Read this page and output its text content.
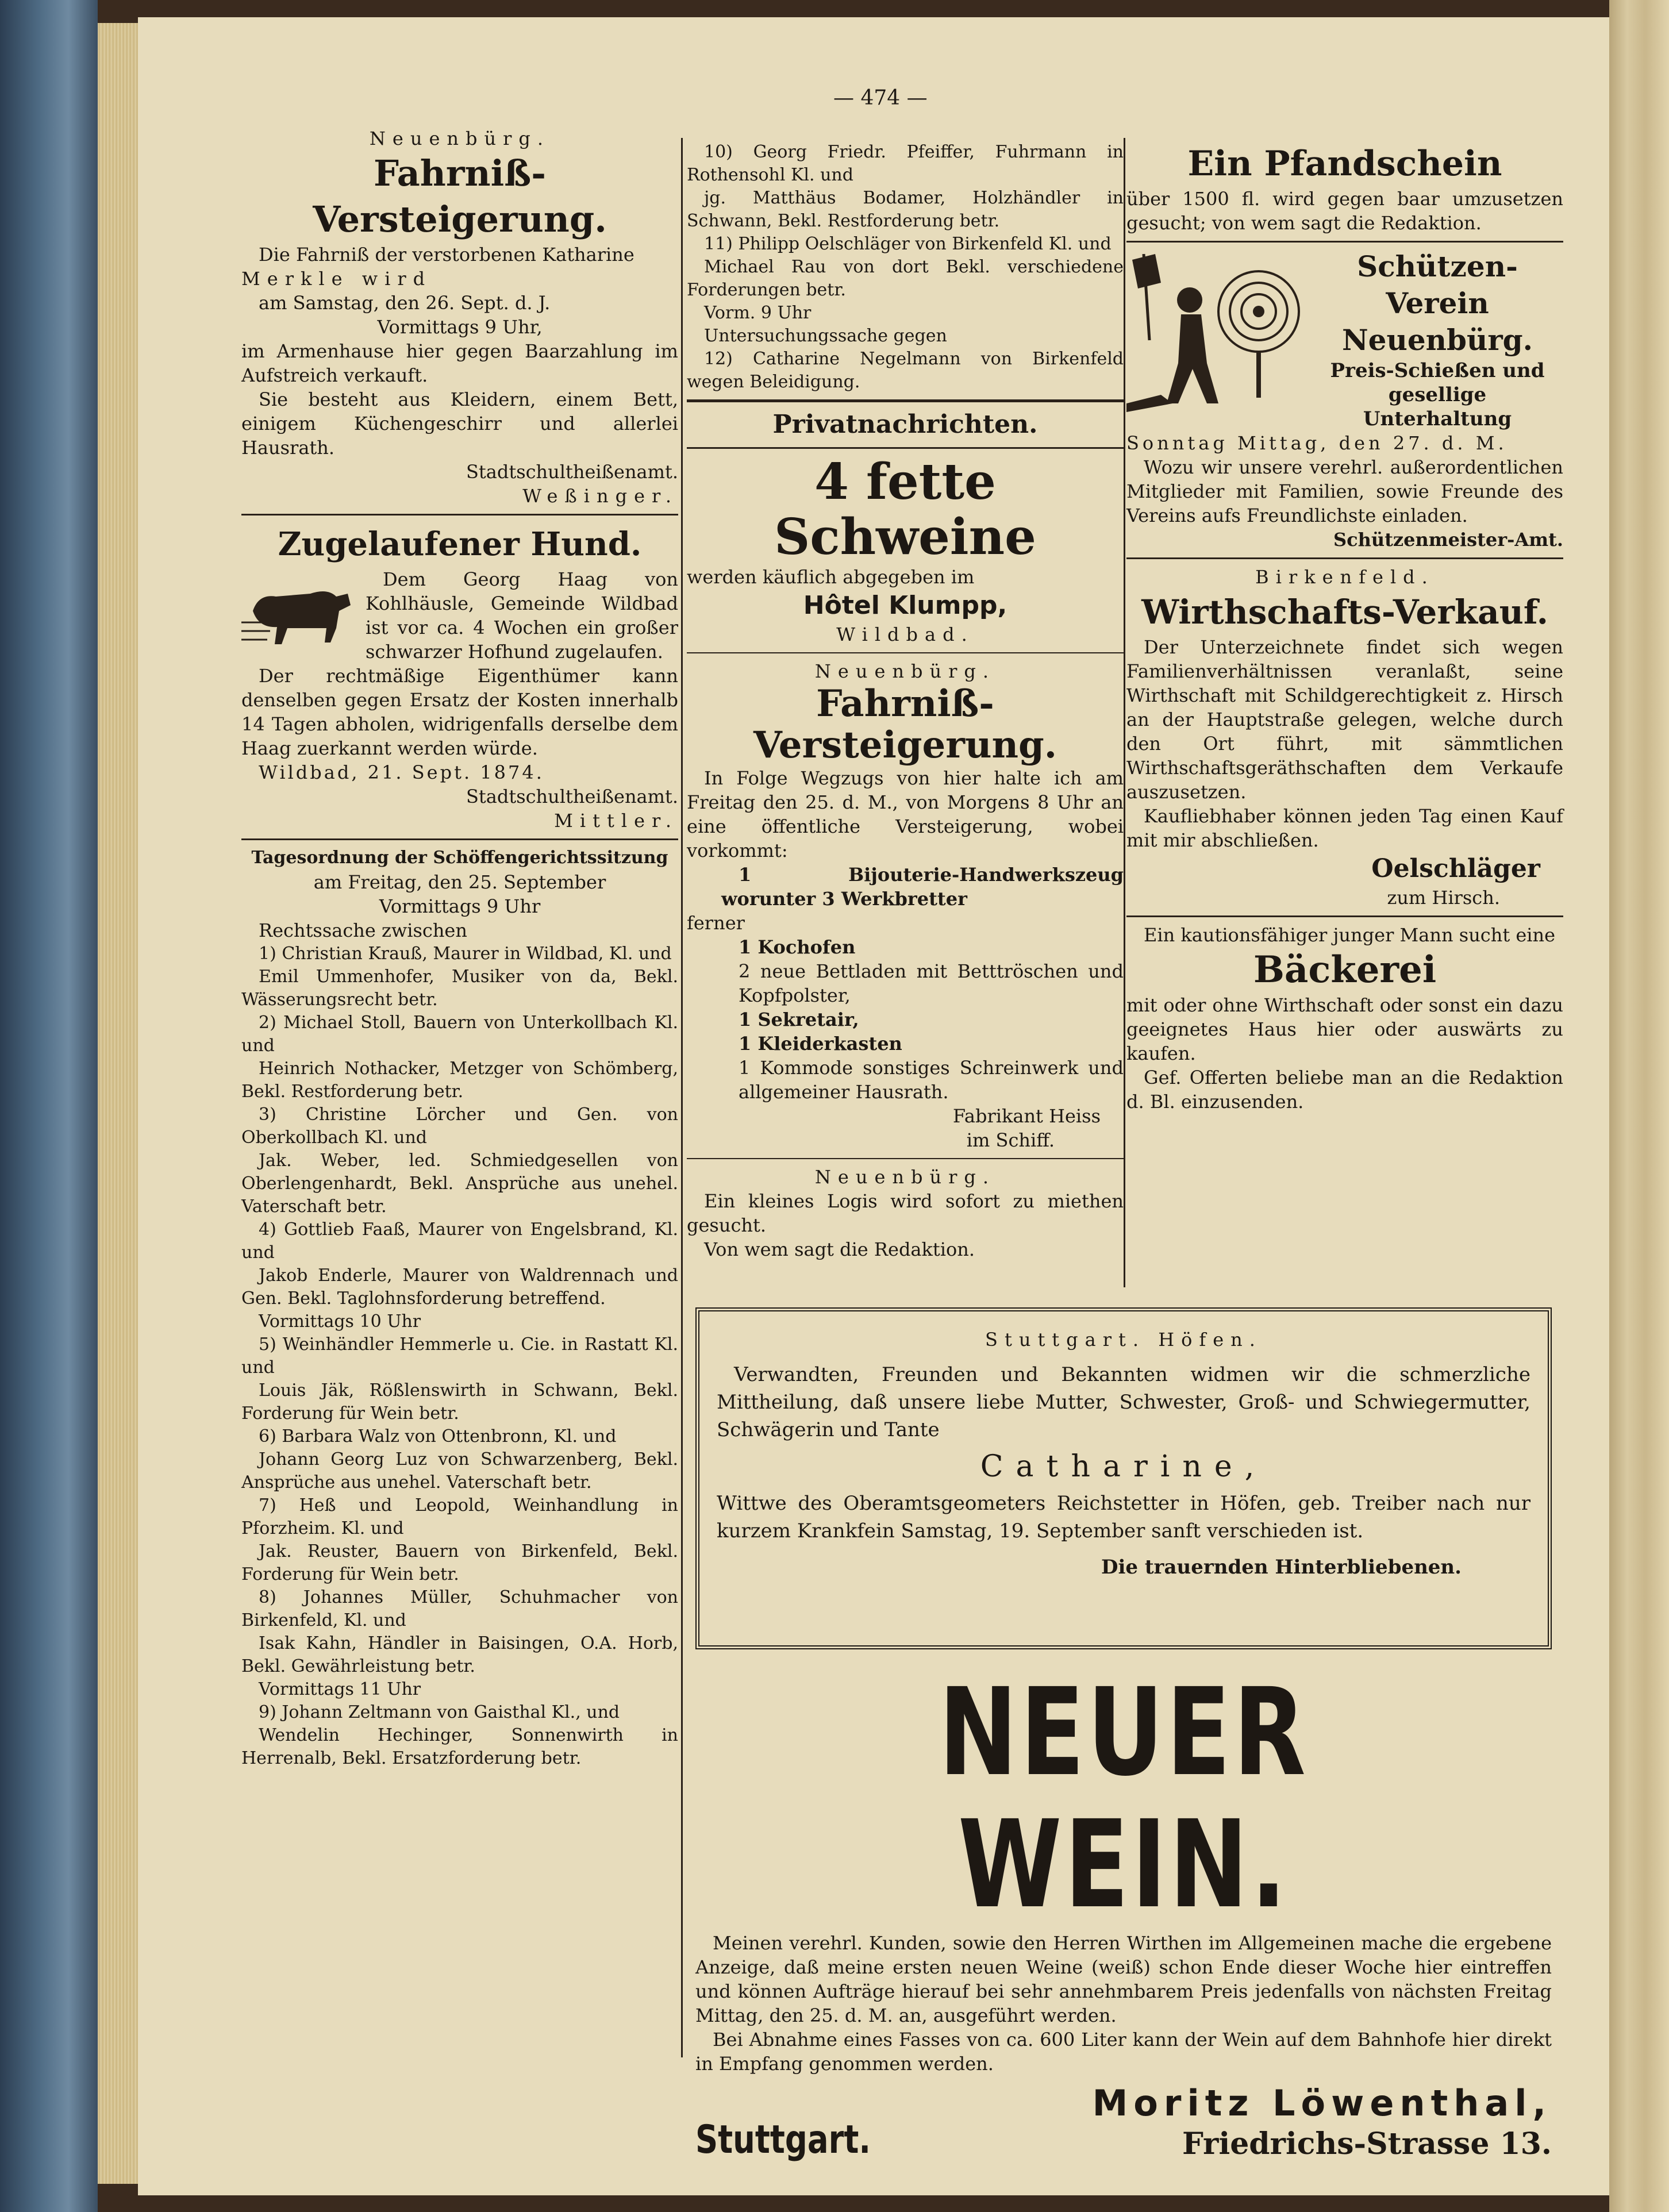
— 474 —

Neuenbürg.

Fahrniß-Versteigerung.

Die Fahrniß der verstorbenen Katharine

Merkle wird

am Samstag, den 26. Sept. d. J.

Vormittags 9 Uhr,

im Armenhause hier gegen Baarzahlung im Aufstreich verkauft.

Sie besteht aus Kleidern, einem Bett, einigem Küchengeschirr und allerlei Hausrath.

Stadtschultheißenamt.

Weßinger.

Zugelaufener Hund.

Dem Georg Haag von Kohlhäusle, Gemeinde Wildbad ist vor ca. 4 Wochen ein großer schwarzer Hofhund zugelaufen.

Der rechtmäßige Eigenthümer kann denselben gegen Ersatz der Kosten innerhalb 14 Tagen abholen, widrigenfalls derselbe dem Haag zuerkannt werden würde.

Wildbad, 21. Sept. 1874.

Stadtschultheißenamt.

Mittler.

Tagesordnung der Schöffengerichtssitzung

am Freitag, den 25. September

Vormittags 9 Uhr

Rechtssache zwischen

1) Christian Krauß, Maurer in Wildbad, Kl. und

Emil Ummenhofer, Musiker von da, Bekl. Wässerungsrecht betr.

2) Michael Stoll, Bauern von Unterkollbach Kl. und

Heinrich Nothacker, Metzger von Schömberg, Bekl. Restforderung betr.

3) Christine Lörcher und Gen. von Oberkollbach Kl. und

Jak. Weber, led. Schmiedgesellen von Oberlengenhardt, Bekl. Ansprüche aus unehel. Vaterschaft betr.

4) Gottlieb Faaß, Maurer von Engelsbrand, Kl. und

Jakob Enderle, Maurer von Waldrennach und Gen. Bekl. Taglohnsforderung betreffend.

Vormittags 10 Uhr

5) Weinhändler Hemmerle u. Cie. in Rastatt Kl. und

Louis Jäk, Rößlenswirth in Schwann, Bekl. Forderung für Wein betr.

6) Barbara Walz von Ottenbronn, Kl. und

Johann Georg Luz von Schwarzenberg, Bekl. Ansprüche aus unehel. Vaterschaft betr.

7) Heß und Leopold, Weinhandlung in Pforzheim. Kl. und

Jak. Reuster, Bauern von Birkenfeld, Bekl. Forderung für Wein betr.

8) Johannes Müller, Schuhmacher von Birkenfeld, Kl. und

Isak Kahn, Händler in Baisingen, O.A. Horb, Bekl. Gewährleistung betr.

Vormittags 11 Uhr

9) Johann Zeltmann von Gaisthal Kl., und

Wendelin Hechinger, Sonnenwirth in Herrenalb, Bekl. Ersatzforderung betr.

10) Georg Friedr. Pfeiffer, Fuhrmann in Rothensohl Kl. und

jg. Matthäus Bodamer, Holzhändler in Schwann, Bekl. Restforderung betr.

11) Philipp Oelschläger von Birkenfeld Kl. und

Michael Rau von dort Bekl. verschiedene Forderungen betr.

Vorm. 9 Uhr

Untersuchungssache gegen

12) Catharine Negelmann von Birkenfeld wegen Beleidigung.

Privatnachrichten.

4 fette Schweine

werden käuflich abgegeben im

Hôtel Klumpp,

Wildbad.

Neuenbürg.

Fahrniß-

Versteigerung.

In Folge Wegzugs von hier halte ich am Freitag den 25. d. M., von Morgens 8 Uhr an eine öffentliche Versteigerung, wobei vorkommt:

1 Bijouterie-Handwerkszeug worunter 3 Werkbretter

ferner

1 Kochofen

2 neue Bettladen mit Betttröschen und Kopfpolster,

1 Sekretair,

1 Kleiderkasten

1 Kommode sonstiges Schreinwerk und allgemeiner Hausrath.

Fabrikant Heiss

im Schiff.

Neuenbürg.

Ein kleines Logis wird sofort zu miethen gesucht.

Von wem sagt die Redaktion.

Ein Pfandschein

über 1500 fl. wird gegen baar umzusetzen gesucht; von wem sagt die Redaktion.

Schützen-Verein

Neuenbürg.

Preis-Schießen und gesellige Unterhaltung

Sonntag Mittag, den 27. d. M.

Wozu wir unsere verehrl. außerordentlichen Mitglieder mit Familien, sowie Freunde des Vereins aufs Freundlichste einladen.

Schützenmeister-Amt.

Birkenfeld.

Wirthschafts-Verkauf.

Der Unterzeichnete findet sich wegen Familienverhältnissen veranlaßt, seine Wirthschaft mit Schildgerechtigkeit z. Hirsch an der Hauptstraße gelegen, welche durch den Ort führt, mit sämmtlichen Wirthschaftsgeräthschaften dem Verkaufe auszusetzen.

Kaufliebhaber können jeden Tag einen Kauf mit mir abschließen.

Oelschläger

zum Hirsch.

Ein kautionsfähiger junger Mann sucht eine

Bäckerei

mit oder ohne Wirthschaft oder sonst ein dazu geeignetes Haus hier oder auswärts zu kaufen.

Gef. Offerten beliebe man an die Redaktion d. Bl. einzusenden.

Stuttgart. Höfen.

Verwandten, Freunden und Bekannten widmen wir die schmerzliche Mittheilung, daß unsere liebe Mutter, Schwester, Groß- und Schwiegermutter, Schwägerin und Tante

Catharine,

Wittwe des Oberamtsgeometers Reichstetter in Höfen, geb. Treiber nach nur kurzem Krankfein Samstag, 19. September sanft verschieden ist.

Die trauernden Hinterbliebenen.

NEUER WEIN.

Meinen verehrl. Kunden, sowie den Herren Wirthen im Allgemeinen mache die ergebene Anzeige, daß meine ersten neuen Weine (weiß) schon Ende dieser Woche hier eintreffen und können Aufträge hierauf bei sehr annehmbarem Preis jedenfalls von nächsten Freitag Mittag, den 25. d. M. an, ausgeführt werden.

Bei Abnahme eines Fasses von ca. 600 Liter kann der Wein auf dem Bahnhofe hier direkt in Empfang genommen werden.

Stuttgart.

Moritz Löwenthal,

Friedrichs-Strasse 13.
